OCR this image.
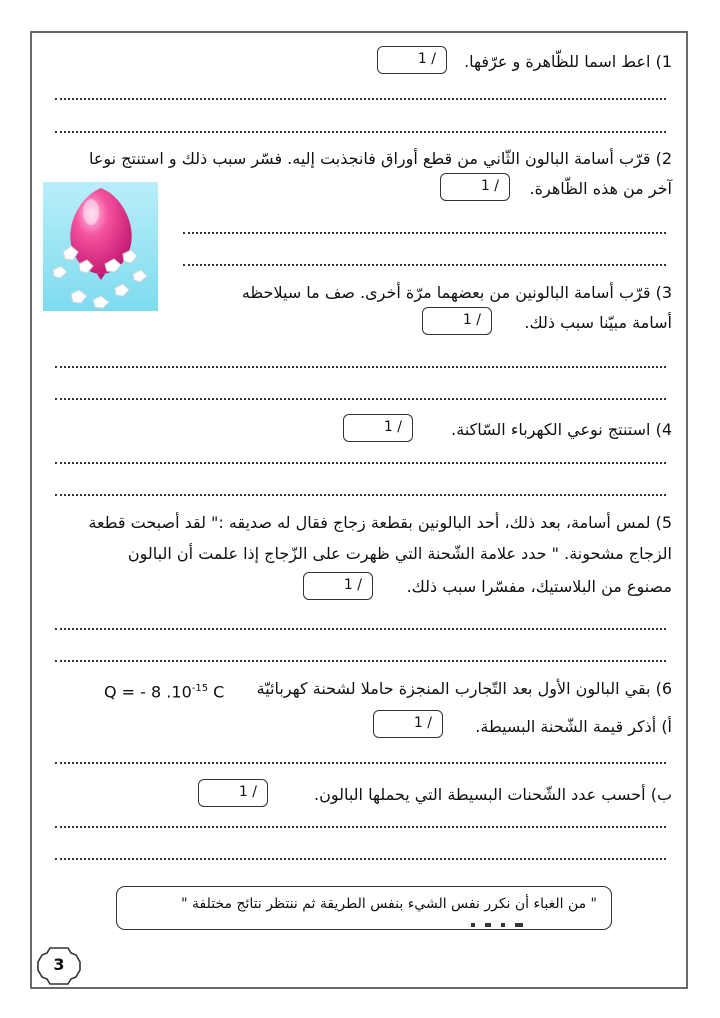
1) اعط اسما للظّاهرة و عرّفها.
1 /
2) قرّب أسامة البالون الثّاني من قطع أوراق فانجذبت إليه. فسّر سبب ذلك و استنتج نوعا
آخر من هذه الظّاهرة.
1 /
3) قرّب أسامة البالونين من بعضهما مرّة أخرى. صف ما سيلاحظه
أسامة مبيّنا سبب ذلك.
1 /
4) استنتج نوعي الكهرباء السّاكنة.
1 /
5) لمس أسامة، بعد ذلك، أحد البالونين بقطعة زجاج فقال له صديقه :" لقد أصبحت قطعة
الزجاج مشحونة. " حدد علامة الشّحنة التي ظهرت على الزّجاج إذا علمت أن البالون
مصنوع من البلاستيك، مفسّرا سبب ذلك.
1 /
6) بقي البالون الأول بعد التّجارب المنجزة حاملا لشحنة كهربائيّة
Q = - 8 $.10^{-15}$ C
أ) أذكر قيمة الشّحنة البسيطة.
1 /
ب) أحسب عدد الشّحنات البسيطة التي يحملها البالون.
1 /
" من الغباء أن نكرر نفس الشيء بنفس الطريقة ثم ننتظر نتائج مختلفة "
3
